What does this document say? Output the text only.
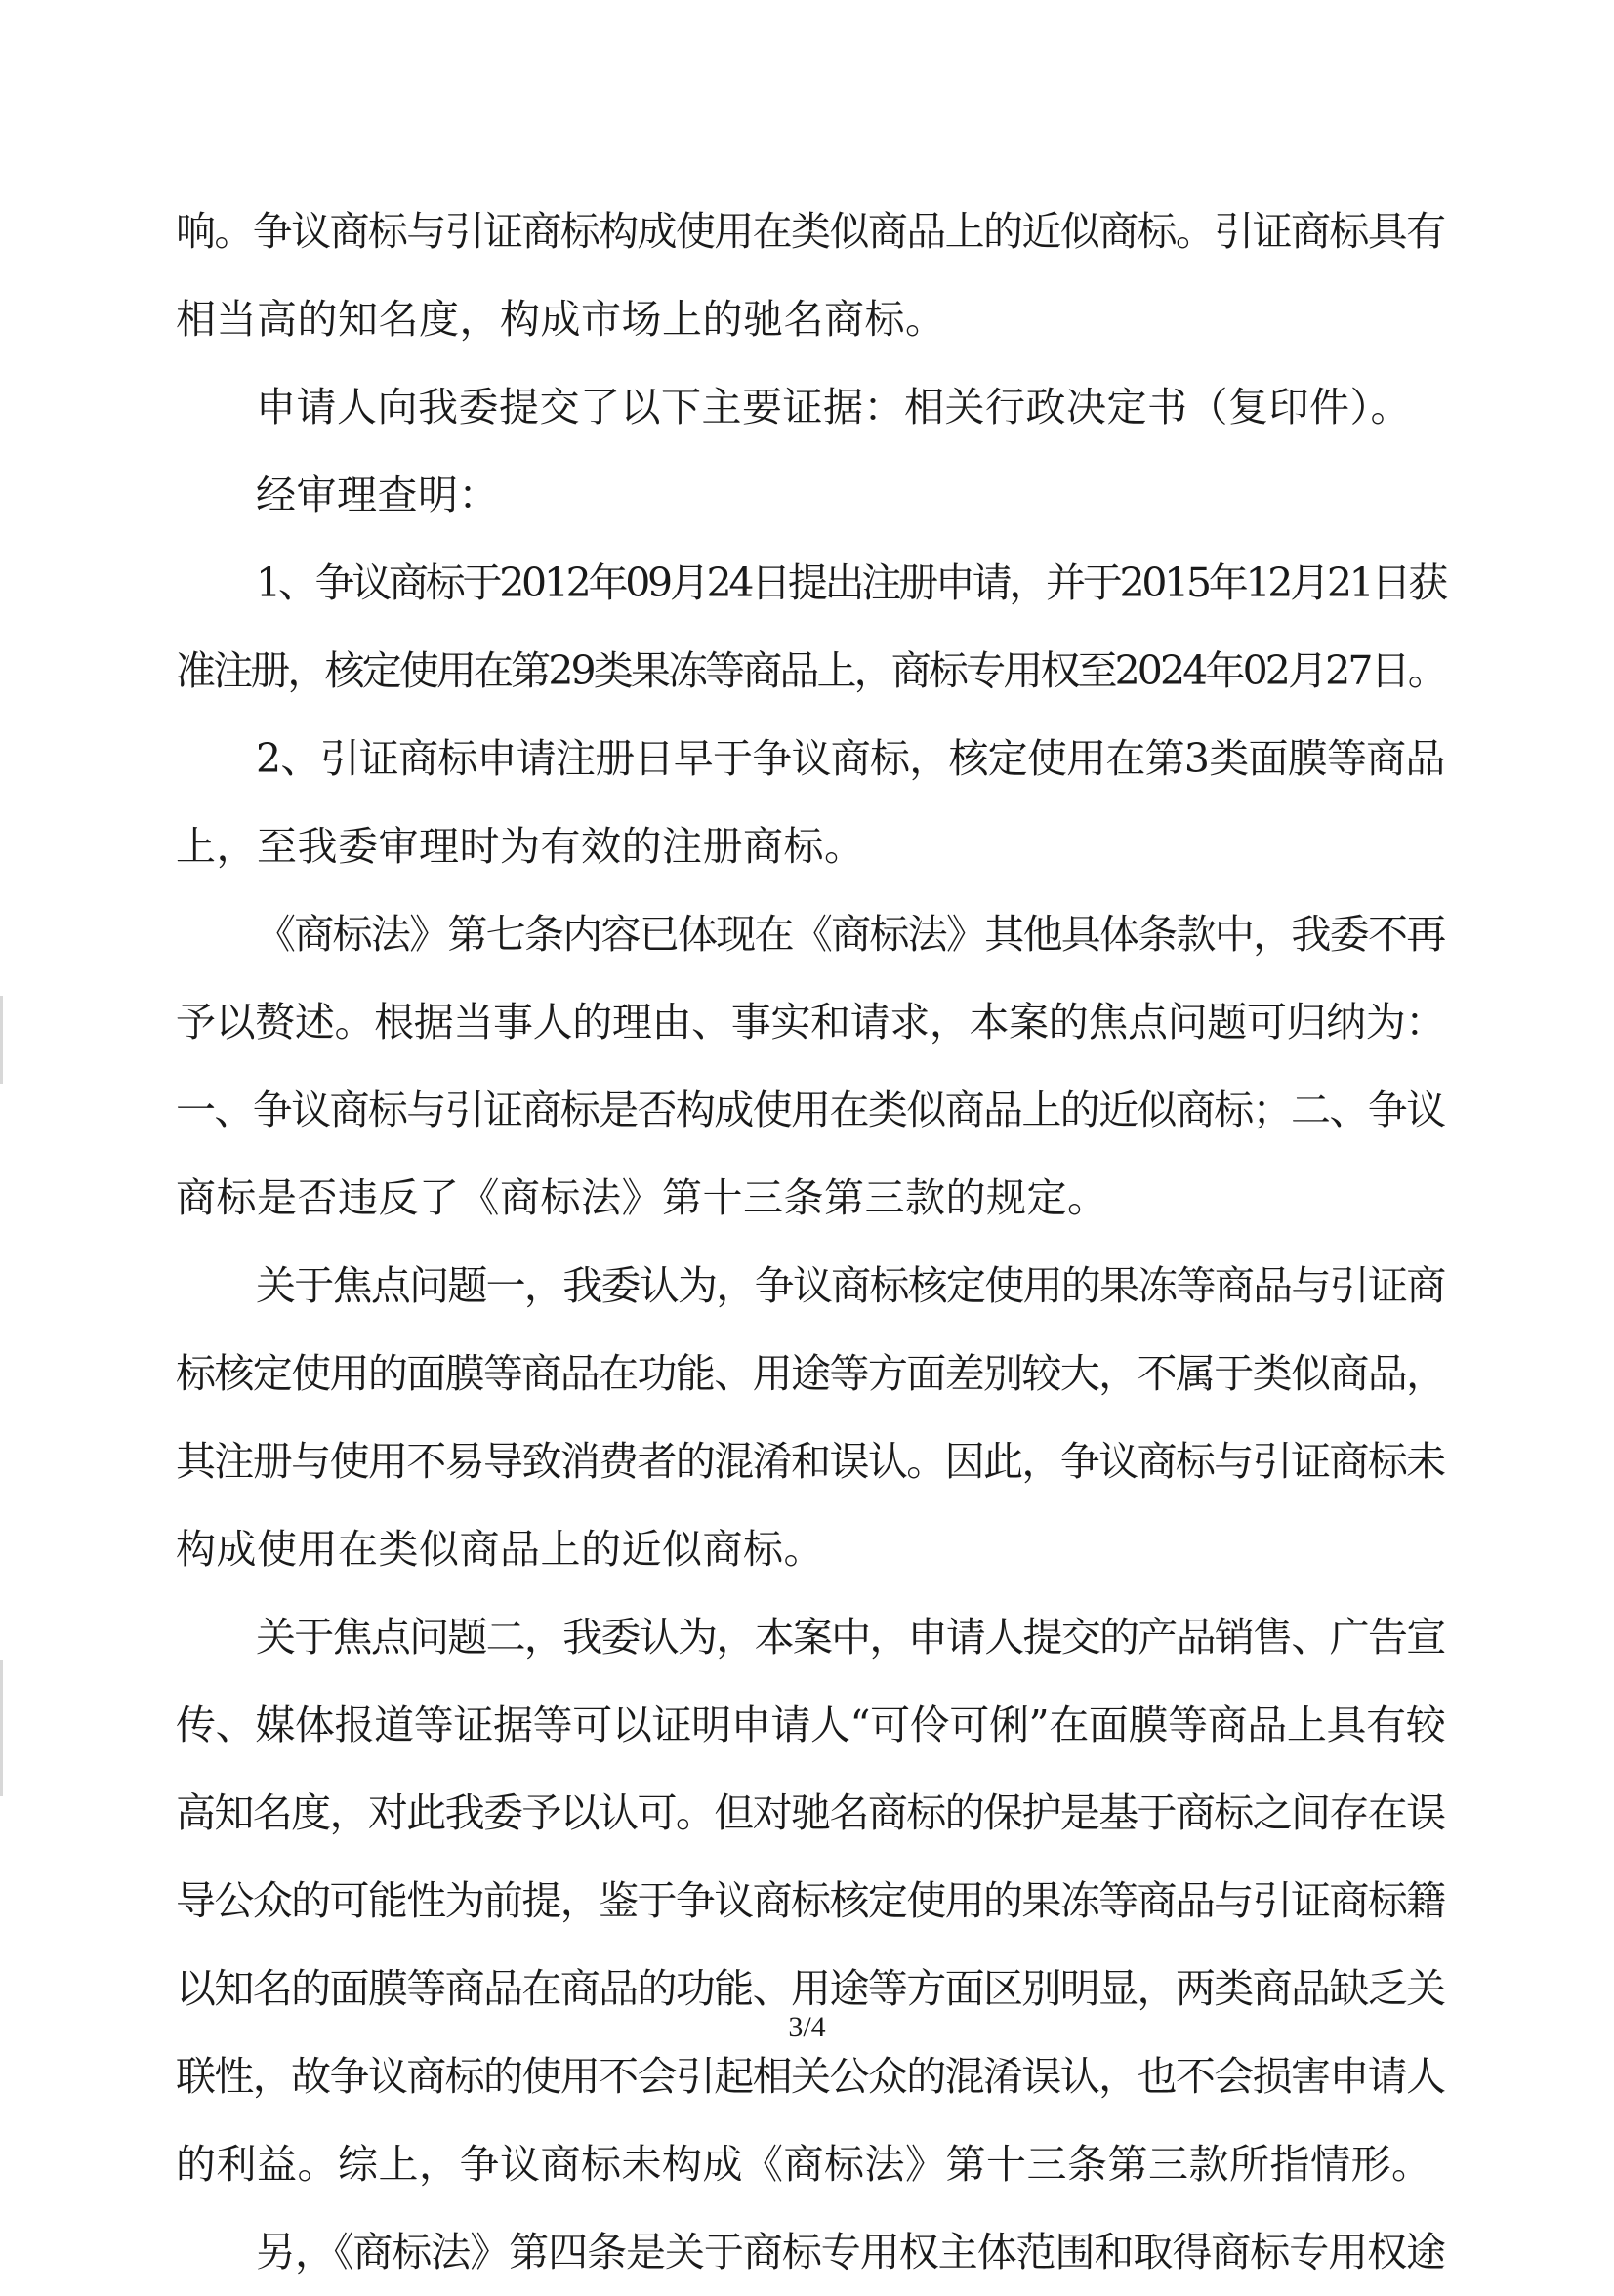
响。争议商标与引证商标构成使用在类似商品上的近似商标。引证商标具有
相当高的知名度，构成市场上的驰名商标。
申请人向我委提交了以下主要证据：相关行政决定书（复印件）。
经审理查明：
1、争议商标于2012年09月24日提出注册申请，并于2015年12月21日获
准注册，核定使用在第29类果冻等商品上，商标专用权至2024年02月27日。
2、引证商标申请注册日早于争议商标，核定使用在第3类面膜等商品
上，至我委审理时为有效的注册商标。
《商标法》第七条内容已体现在《商标法》其他具体条款中，我委不再
予以赘述。根据当事人的理由、事实和请求，本案的焦点问题可归纳为：
一、争议商标与引证商标是否构成使用在类似商品上的近似商标；二、争议
商标是否违反了《商标法》第十三条第三款的规定。
关于焦点问题一，我委认为，争议商标核定使用的果冻等商品与引证商
标核定使用的面膜等商品在功能、用途等方面差别较大，不属于类似商品，
其注册与使用不易导致消费者的混淆和误认。因此，争议商标与引证商标未
构成使用在类似商品上的近似商标。
关于焦点问题二，我委认为，本案中，申请人提交的产品销售、广告宣
传、媒体报道等证据等可以证明申请人“可伶可俐”在面膜等商品上具有较
高知名度，对此我委予以认可。但对驰名商标的保护是基于商标之间存在误
导公众的可能性为前提，鉴于争议商标核定使用的果冻等商品与引证商标籍
以知名的面膜等商品在商品的功能、用途等方面区别明显，两类商品缺乏关
联性，故争议商标的使用不会引起相关公众的混淆误认，也不会损害申请人
的利益。综上，争议商标未构成《商标法》第十三条第三款所指情形。
另，《商标法》第四条是关于商标专用权主体范围和取得商标专用权途
3/4
